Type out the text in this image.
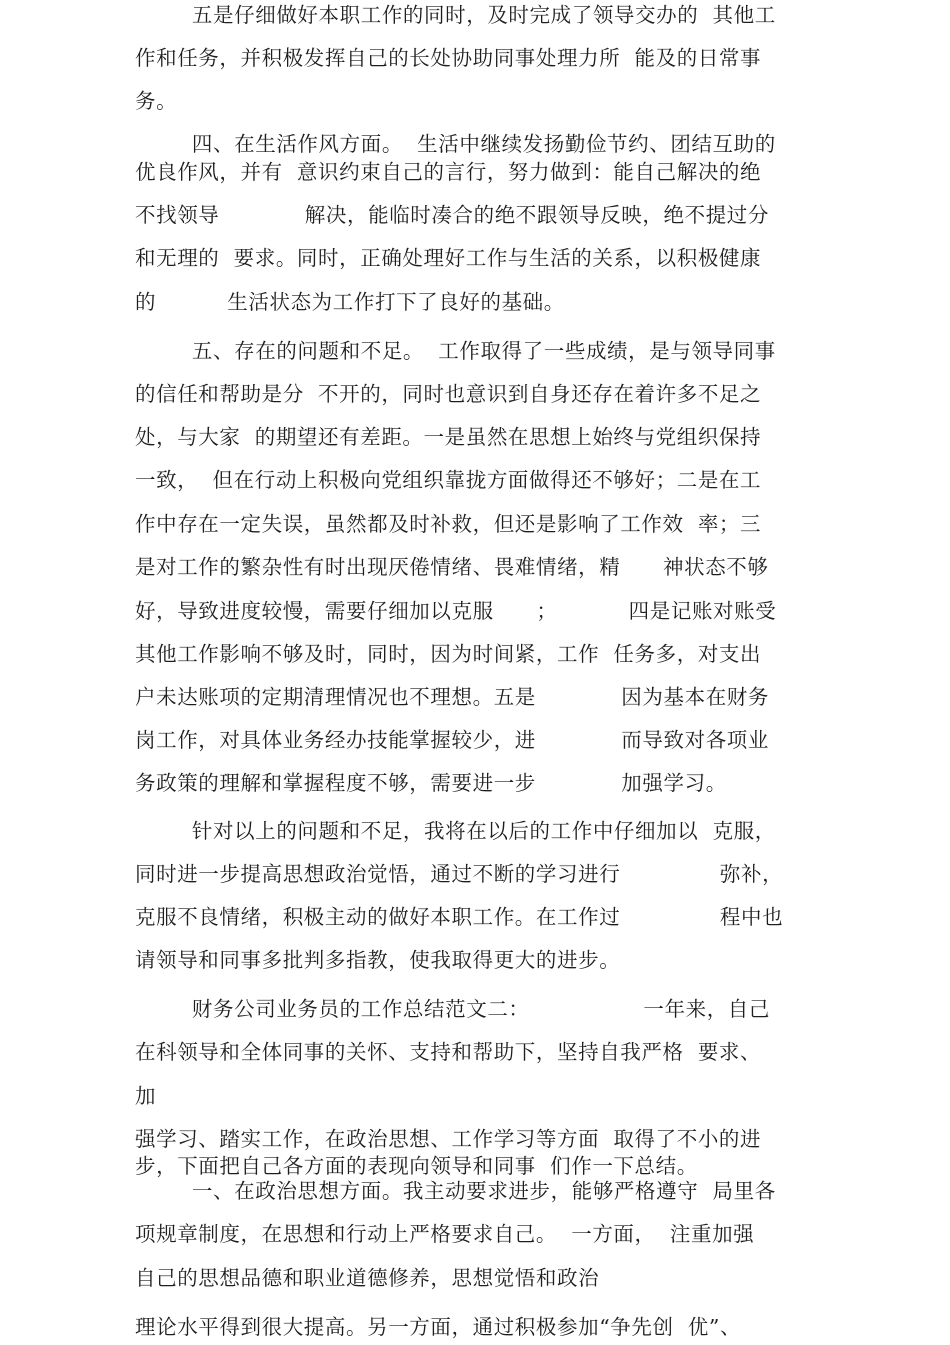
五是仔细做好本职工作的同时，及时完成了领导交办的  其他工
作和任务，并积极发挥自己的长处协助同事处理力所  能及的日常事
务。
四、在生活作风方面。  生活中继续发扬勤俭节约、团结互助的
优良作风，并有  意识约束自己的言行，努力做到：能自己解决的绝
不找领导            解决，能临时凑合的绝不跟领导反映，绝不提过分
和无理的  要求。同时，正确处理好工作与生活的关系，以积极健康
的          生活状态为工作打下了良好的基础。
五、存在的问题和不足。  工作取得了一些成绩，是与领导同事
的信任和帮助是分  不开的，同时也意识到自身还存在着许多不足之
处，与大家  的期望还有差距。一是虽然在思想上始终与党组织保持
一致，  但在行动上积极向党组织靠拢方面做得还不够好；二是在工
作中存在一定失误，虽然都及时补救，但还是影响了工作效  率；三
是对工作的繁杂性有时出现厌倦情绪、畏难情绪，精      神状态不够
好，导致进度较慢，需要仔细加以克服      ；          四是记账对账受
其他工作影响不够及时，同时，因为时间紧，工作  任务多，对支出
户未达账项的定期清理情况也不理想。五是            因为基本在财务
岗工作，对具体业务经办技能掌握较少，进            而导致对各项业
务政策的理解和掌握程度不够，需要进一步            加强学习。
针对以上的问题和不足，我将在以后的工作中仔细加以  克服，
同时进一步提高思想政治觉悟，通过不断的学习进行              弥补，
克服不良情绪，积极主动的做好本职工作。在工作过              程中也
请领导和同事多批判多指教，使我取得更大的进步。
财务公司业务员的工作总结范文二：                一年来，自己
在科领导和全体同事的关怀、支持和帮助下，坚持自我严格  要求、
加
强学习、踏实工作，在政治思想、工作学习等方面  取得了不小的进
步，下面把自己各方面的表现向领导和同事  们作一下总结。
一、在政治思想方面。我主动要求进步，能够严格遵守  局里各
项规章制度，在思想和行动上严格要求自己。  一方面，  注重加强
自己的思想品德和职业道德修养，思想觉悟和政治
理论水平得到很大提高。另一方面，通过积极参加“争先创  优”、
